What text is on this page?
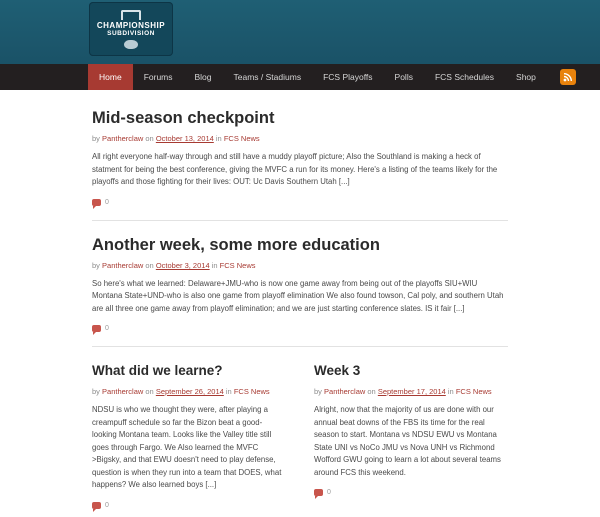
CHAMPIONSHIP
SUBDIVISION
Home	Forums	Blog	Teams / Stadiums	FCS Playoffs	Polls	FCS Schedules	Shop
Mid-season checkpoint
by Pantherclaw on October 13, 2014 in FCS News

All right everyone half-way through and still have a muddy playoff picture; Also the Southland is making a heck of statment for being the best conference, giving the MVFC a run for its money. Here's a listing of the teams likely for the playoffs and those fighting for their lives: OUT: Uc Davis Southern Utah [...]

0
Another week, some more education
by Pantherclaw on October 3, 2014 in FCS News

So here's what we learned: Delaware+JMU-who is now one game away from being out of the playoffs SIU+WIU Montana State+UND-who is also one game from playoff elimination We also found towson, Cal poly, and southern Utah are all three one game away from playoff elimination; and we are just starting conference slates. IS it fair [...]

0
What did we learne?
by Pantherclaw on September 26, 2014 in FCS News

NDSU is who we thought they were, after playing a creampuff schedule so far the Bizon beat a good-looking Montana team. Looks like the Valley title still goes through Fargo. We Also learned the MVFC >Bigsky, and that EWU doesn't need to play defense, question is when they run into a team that DOES, what happens? We also learned boys [...]

0
Week 3
by Pantherclaw on September 17, 2014 in FCS News

Alright, now that the majority of us are done with our annual beat downs of the FBS its time for the real season to start. Montana vs NDSU EWU vs Montana State UNI vs NoCo JMU vs Nova UNH vs Richmond Wofford GWU going to learn a lot about several teams around FCS this weekend.

0
